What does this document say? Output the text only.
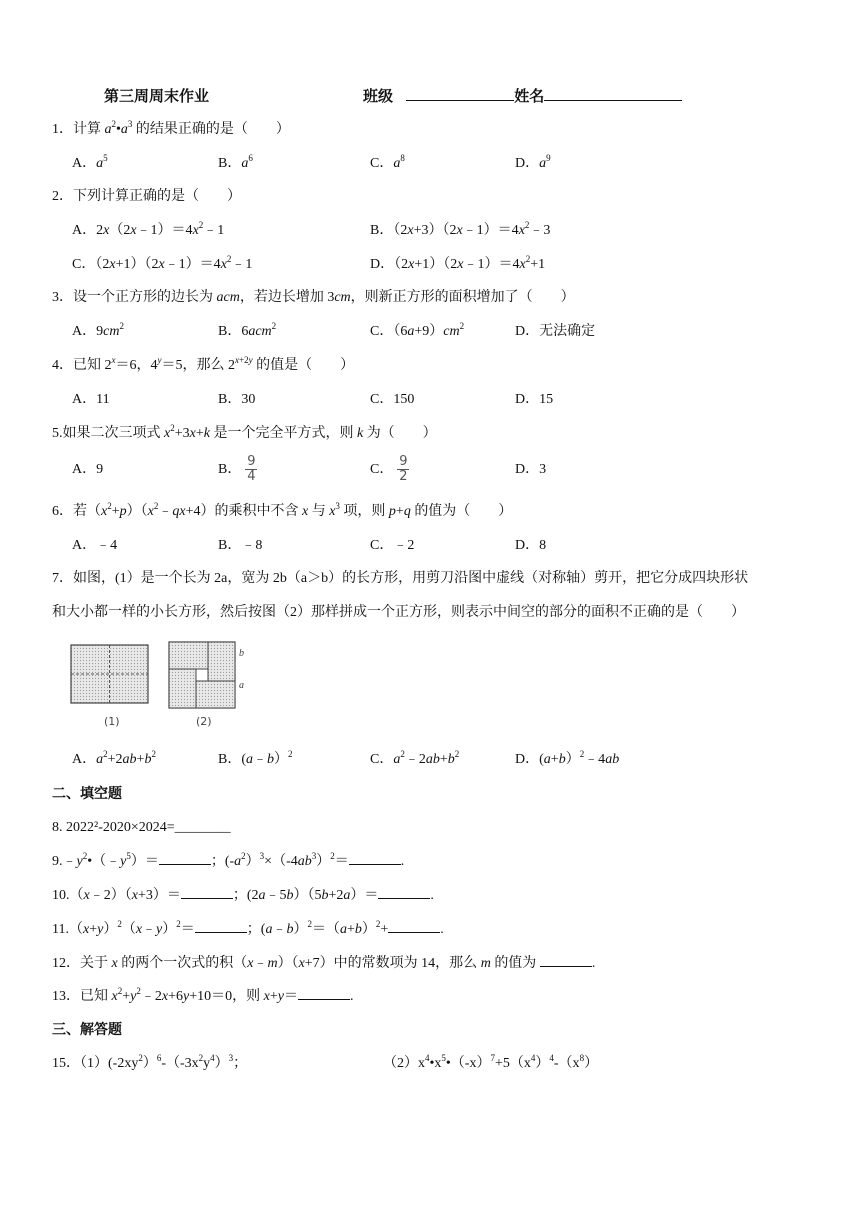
第三周周末作业	班级	姓名
1．计算 $a^2•a^3$ 的结果正确的是（　　）
A．$a^5$	B．$a^6$	C．$a^8$	D．$a^9$
2．下列计算正确的是（　　）
A．$2x(2x﹣1)=4x^2﹣1$	B．$(2x+3)(2x﹣1)=4x^2﹣3$
C．$(2x+1)(2x﹣1)=4x^2﹣1$	D．$(2x+1)(2x﹣1)=4x^2+1$
3．设一个正方形的边长为 acm，若边长增加 3cm，则新正方形的面积增加了（　　）
A．$9cm^2$	B．6acm$^2$	C．$(6a+9)cm^2$	D．无法确定
4．已知 $2^x=6$，$4^y=5$，那么 $2^{x+2y}$ 的值是（　　）
A．11	B．30	C．150	D．15
5.如果二次三项式 $x^2+3x+k$ 是一个完全平方式，则 k 为（　　）
A．9	B． $\frac{9}{4}$	C． $\frac{9}{2}$	D．3
6．若$(x^2+p)(x^2﹣qx+4)$的乘积中不含 x 与 $x^3$ 项，则 p+q 的值为（　　）
A．﹣4	B．﹣8	C．﹣2	D．8
7．如图，(1）是一个长为 2a，宽为 2b（a＞b）的长方形，用剪刀沿图中虚线（对称轴）剪开，把它分成四块形状
和大小都一样的小长方形，然后按图（2）那样拼成一个正方形，则表示中间空的部分的面积不正确的是（　　）
(1)
b
a
(2)
A．$a^2+2ab+b^2$	B．(a﹣b）$^2$	C．$a^2﹣2ab+b^2$	D．(a+b）$^2$﹣4ab
二、填空题
8. 2022²-2020×2024=________
$9.﹣y^2•(﹣y^5)=$	；$(-a^2)^3\times(-4ab^3)^2=$	.
10.（x﹣2）（x+3）＝	；(2a﹣5b）（5b+2a）＝	.
$11.(x+y)^2(x﹣y)^2=$	；$(a﹣b)^2=(a+b)^2+$	.
12．关于 x 的两个一次式的积（x﹣m）（x+7）中的常数项为 14，那么 m 的值为	.
13．已知 $x^2+y^2﹣2x+6y+10=0$，则 x+y＝	.
三、解答题
15．$(1)(-2xy^2)^6-(-3x^2y^4)^3$；	$(2)x^4•x^5•(-x)^7+5(x^4)^4-(x^8)$
